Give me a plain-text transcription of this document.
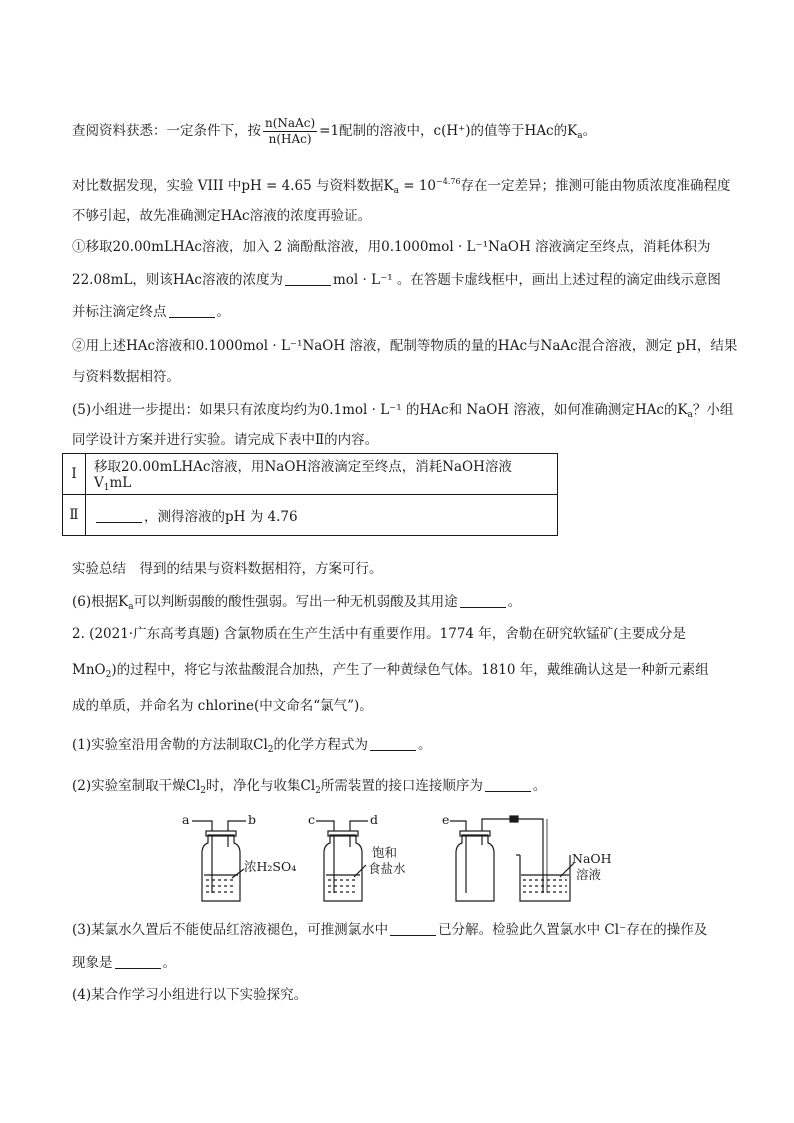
查阅资料获悉：一定条件下，按 $\frac{\text{n(NaAc)}}{\text{n(HAc)}} =1$配制的溶液中，c(H⁺)的值等于HAc的$K_a$。
对比数据发现，实验 VIII 中pH = 4.65 与资料数据$K_a = 10^{-4.76}$存在一定差异；推测可能由物质浓度准确程度
不够引起，故先准确测定HAc溶液的浓度再验证。
①移取20.00mLHAc溶液，加入 2 滴酚酞溶液，用0.1000mol · L⁻¹NaOH 溶液滴定至终点，消耗体积为
22.08mL，则该HAc溶液的浓度为	mol · L⁻¹ 。在答题卡虚线框中，画出上述过程的滴定曲线示意图
并标注滴定终点	。
②用上述HAc溶液和0.1000mol · L⁻¹NaOH 溶液，配制等物质的量的HAc与NaAc混合溶液，测定 pH，结果
与资料数据相符。
(5)小组进一步提出：如果只有浓度均约为0.1mol · L⁻¹ 的HAc和 NaOH 溶液，如何准确测定HAc的$K_a$？小组
同学设计方案并进行实验。请完成下表中Ⅱ的内容。
Ⅰ	移取20.00mLHAc溶液，用NaOH溶液滴定至终点，消耗NaOH溶液$V_1mL$
Ⅱ	，测得溶液的pH 为 4.76
实验总结　得到的结果与资料数据相符，方案可行。
(6)根据$K_a$可以判断弱酸的酸性强弱。写出一种无机弱酸及其用途	。
2. (2021·广东高考真题) 含氯物质在生产生活中有重要作用。1774 年，舍勒在研究软锰矿(主要成分是
MnO$_2$)的过程中，将它与浓盐酸混合加热，产生了一种黄绿色气体。1810 年，戴维确认这是一种新元素组
成的单质，并命名为 chlorine(中文命名“氯气”)。
(1)实验室沿用舍勒的方法制取$Cl_2$的化学方程式为	。
(2)实验室制取干燥$Cl_2$时，净化与收集$Cl_2$所需装置的接口连接顺序为	。
a	b	c	d	e
浓H₂SO₄
饱和
食盐水
NaOH
溶液
(3)某氯水久置后不能使品红溶液褪色，可推测氯水中	已分解。检验此久置氯水中 Cl⁻存在的操作及
现象是	。
(4)某合作学习小组进行以下实验探究。
